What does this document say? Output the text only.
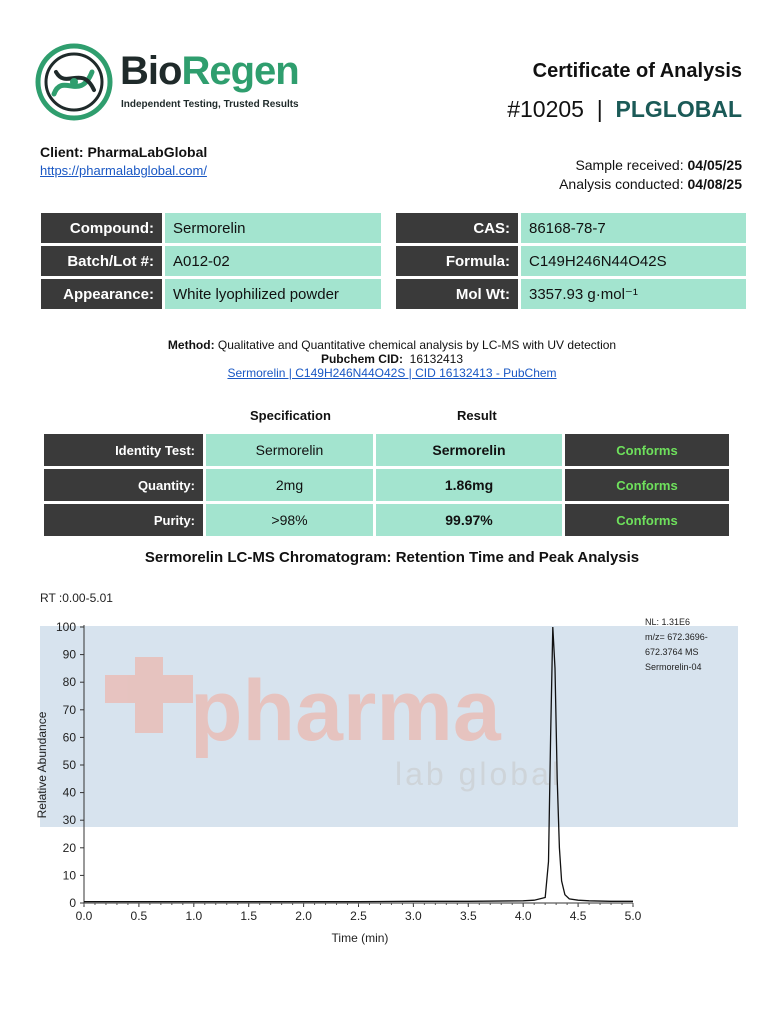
BioRegen
Independent Testing, Trusted Results
Certificate of Analysis
#10205 | PLGLOBAL
Client: PharmaLabGlobal
https://pharmalabglobal.com/	Sample received: 04/05/25
Analysis conducted: 04/08/25
Compound:		Sermorelin
Batch/Lot #:		A012-02
Appearance:		White lyophilized powder
CAS:		86168-78-7
Formula:		C149H246N44O42S
Mol Wt:		3357.93 g·mol⁻¹
Method: Qualitative and Quantitative chemical analysis by LC-MS with UV detection
Pubchem CID: 16132413
Sermorelin | C149H246N44O42S | CID 16132413 - PubChem
Specification	Result
Identity Test:	Sermorelin	Sermorelin	Conforms
Quantity:	2mg	1.86mg	Conforms
Purity:	>98%	99.97%	Conforms
Sermorelin LC-MS Chromatogram: Retention Time and Peak Analysis
RT :0.00-5.01
pharma
lab global
0.0	0.5	1.0	1.5	2.0	2.5	3.0	3.5	4.0	4.5	5.0
0
10
20
30
40
50
60
70
80
90
100	NL: 1.31E6
m/z= 672.3696-
672.3764 MS
Sermorelin-04
Time (min)
Relative Abundance
